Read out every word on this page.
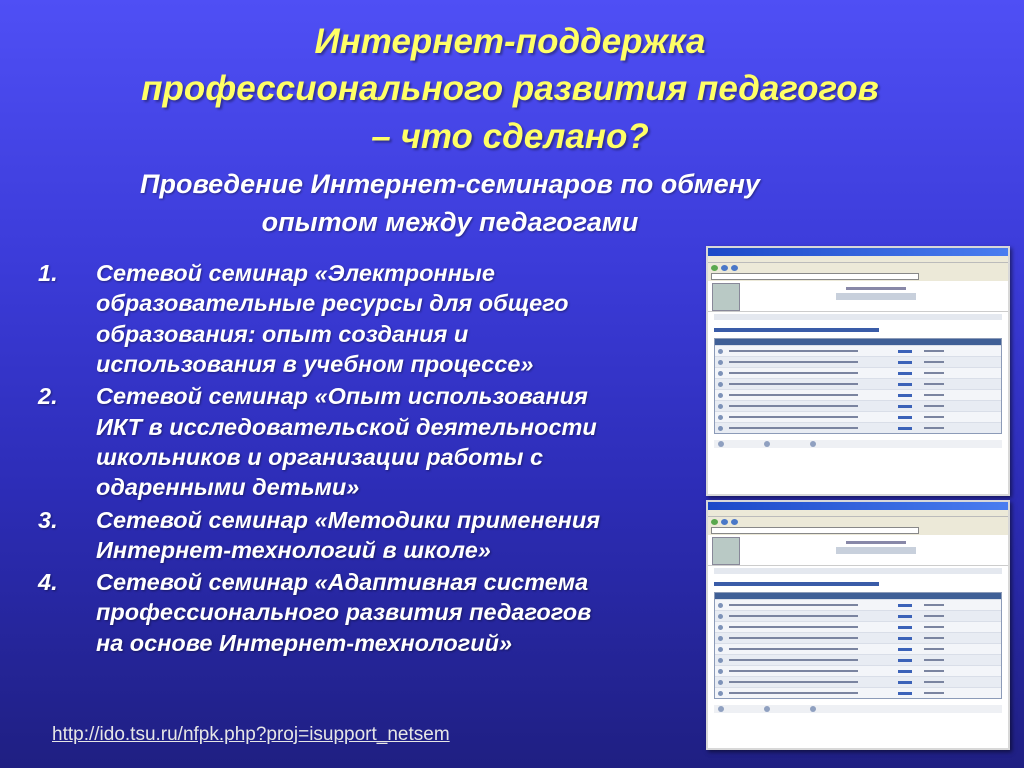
Интернет-поддержка
профессионального развития педагогов
– что сделано?
Проведение Интернет-семинаров по обмену
опытом между педагогами
1.	Сетевой семинар «Электронные
образовательные ресурсы для общего
образования: опыт создания и
использования в учебном процессе»
2.	Сетевой семинар «Опыт использования
ИКТ в исследовательской деятельности
школьников и организации работы с
одаренными детьми»
3.	Сетевой семинар «Методики применения
Интернет-технологий в школе»
4.	Сетевой семинар «Адаптивная система
профессионального развития педагогов
на основе Интернет-технологий»
http://ido.tsu.ru/nfpk.php?proj=isupport_netsem
